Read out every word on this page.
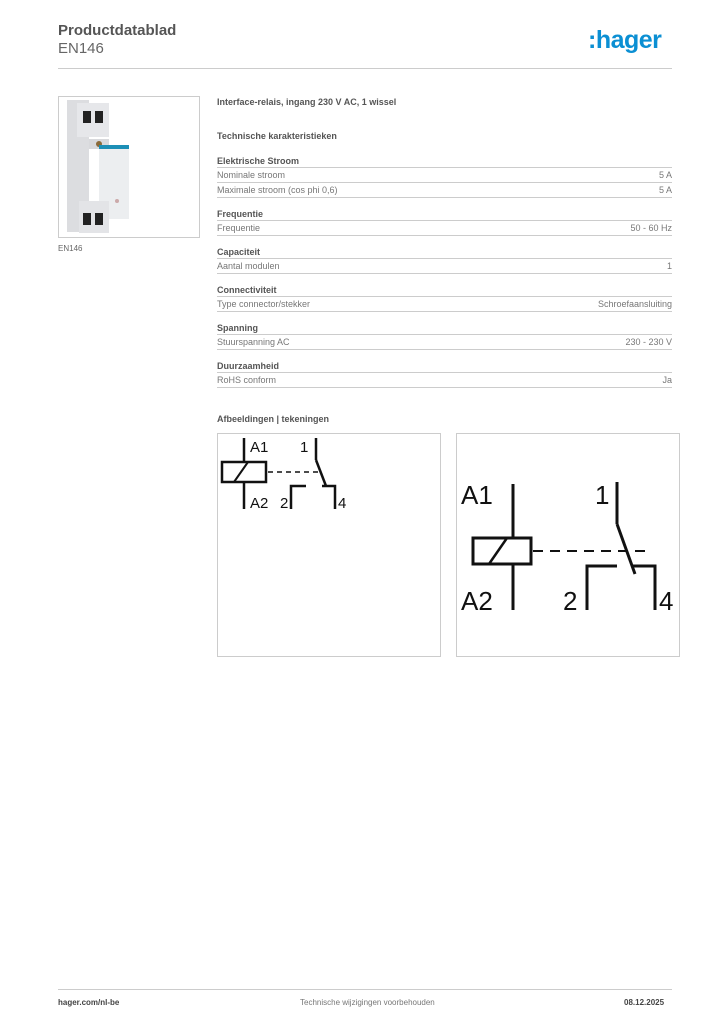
Productdatablad
EN146	:hager
EN146
Interface-relais, ingang 230 V AC, 1 wissel
Technische karakteristieken
Elektrische Stroom
Nominale stroom	5 A
Maximale stroom (cos phi 0,6)	5 A
Frequentie
Frequentie	50 - 60 Hz
Capaciteit
Aantal modulen	1
Connectiviteit
Type connector/stekker	Schroefaansluiting
Spanning
Stuurspanning AC	230 - 230 V
Duurzaamheid
RoHS conform	Ja
Afbeeldingen | tekeningen
A1
A2
1
2	4	A1
A2
1
2	4
hager.com/nl-be	Technische wijzigingen voorbehouden	08.12.2025
